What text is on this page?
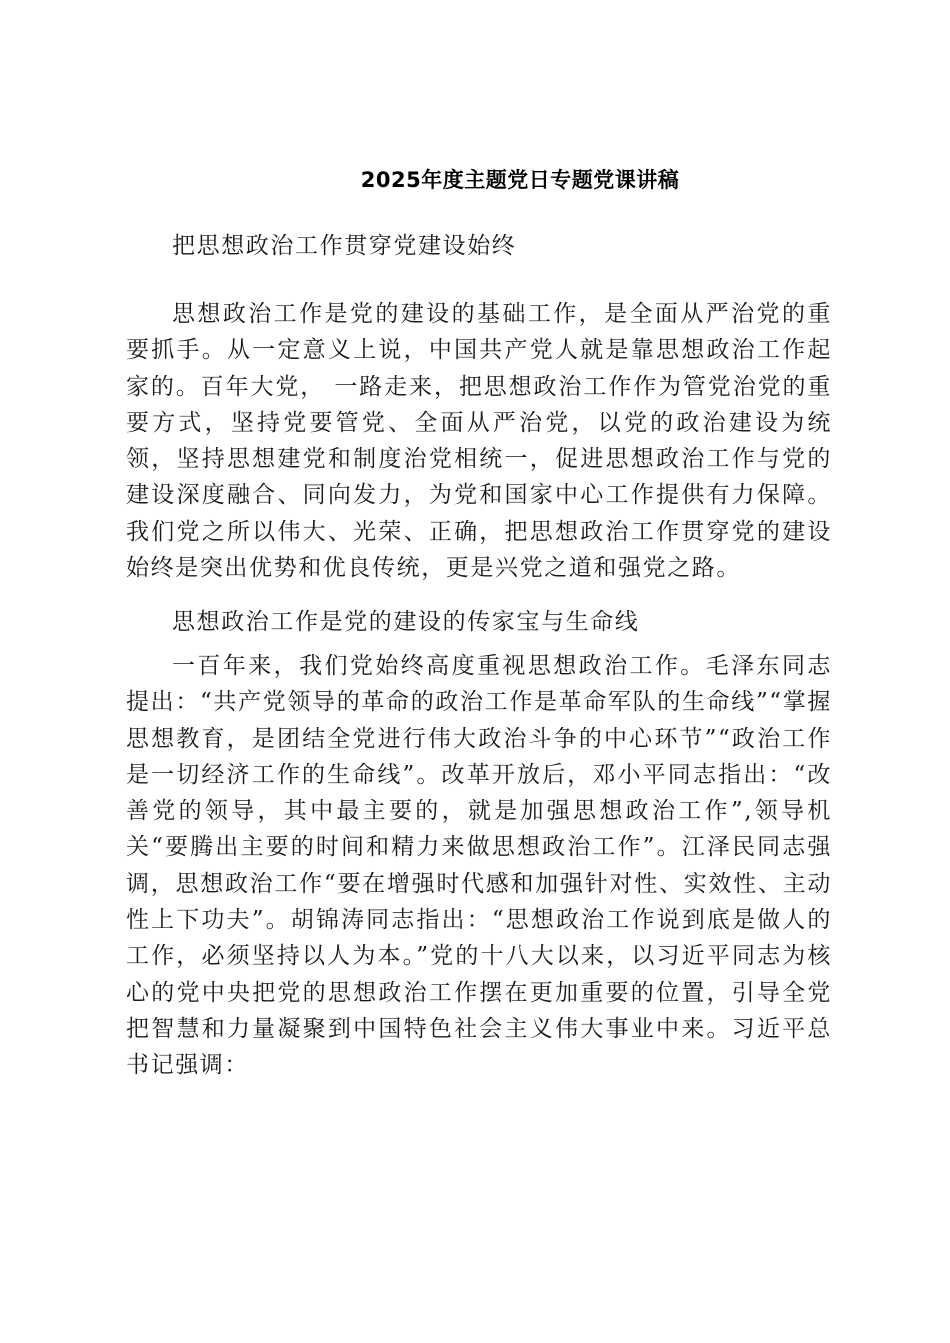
2025年度主题党日专题党课讲稿

把思想政治工作贯穿党建设始终

思想政治工作是党的建设的基础工作，是全面从严治党的重要抓手。从一定意义上说，中国共产党人就是靠思想政治工作起家的。百年大党， 一路走来，把思想政治工作作为管党治党的重要方式，坚持党要管党、全面从严治党，以党的政治建设为统领，坚持思想建党和制度治党相统一，促进思想政治工作与党的建设深度融合、同向发力，为党和国家中心工作提供有力保障。我们党之所以伟大、光荣、正确，把思想政治工作贯穿党的建设始终是突出优势和优良传统，更是兴党之道和强党之路。

思想政治工作是党的建设的传家宝与生命线

一百年来，我们党始终高度重视思想政治工作。毛泽东同志提出：“共产党领导的革命的政治工作是革命军队的生命线”“掌握思想教育，是团结全党进行伟大政治斗争的中心环节”“政治工作是一切经济工作的生命线”。改革开放后，邓小平同志指出：“改善党的领导，其中最主要的，就是加强思想政治工作”,领导机关“要腾出主要的时间和精力来做思想政治工作”。江泽民同志强调，思想政治工作“要在增强时代感和加强针对性、实效性、主动性上下功夫”。胡锦涛同志指出：“思想政治工作说到底是做人的工作，必须坚持以人为本。”党的十八大以来，以习近平同志为核心的党中央把党的思想政治工作摆在更加重要的位置，引导全党把智慧和力量凝聚到中国特色社会主义伟大事业中来。习近平总书记强调：
